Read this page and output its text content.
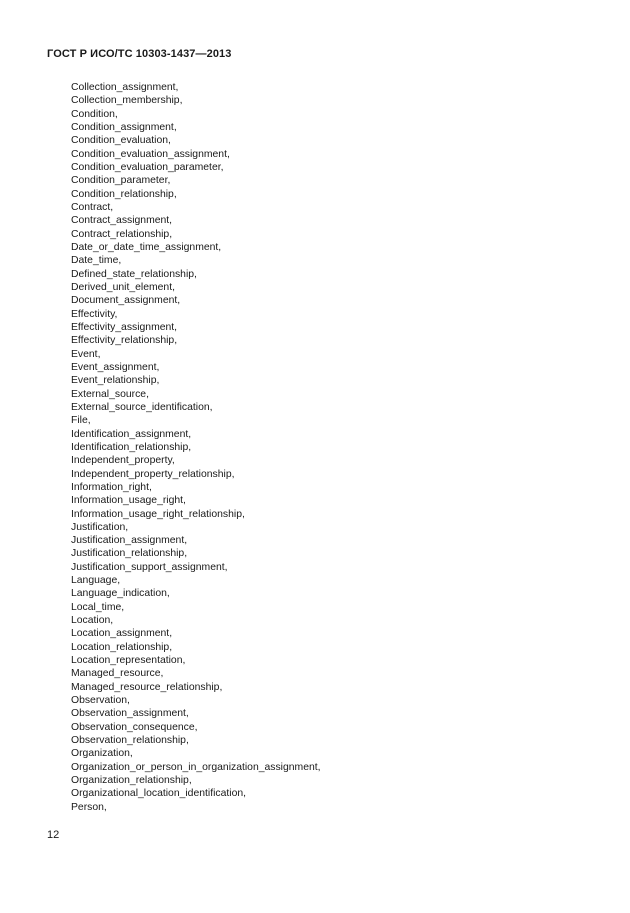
ГОСТ Р ИСО/ТС 10303-1437—2013
Collection_assignment,
Collection_membership,
Condition,
Condition_assignment,
Condition_evaluation,
Condition_evaluation_assignment,
Condition_evaluation_parameter,
Condition_parameter,
Condition_relationship,
Contract,
Contract_assignment,
Contract_relationship,
Date_or_date_time_assignment,
Date_time,
Defined_state_relationship,
Derived_unit_element,
Document_assignment,
Effectivity,
Effectivity_assignment,
Effectivity_relationship,
Event,
Event_assignment,
Event_relationship,
External_source,
External_source_identification,
File,
Identification_assignment,
Identification_relationship,
Independent_property,
Independent_property_relationship,
Information_right,
Information_usage_right,
Information_usage_right_relationship,
Justification,
Justification_assignment,
Justification_relationship,
Justification_support_assignment,
Language,
Language_indication,
Local_time,
Location,
Location_assignment,
Location_relationship,
Location_representation,
Managed_resource,
Managed_resource_relationship,
Observation,
Observation_assignment,
Observation_consequence,
Observation_relationship,
Organization,
Organization_or_person_in_organization_assignment,
Organization_relationship,
Organizational_location_identification,
Person,
12
